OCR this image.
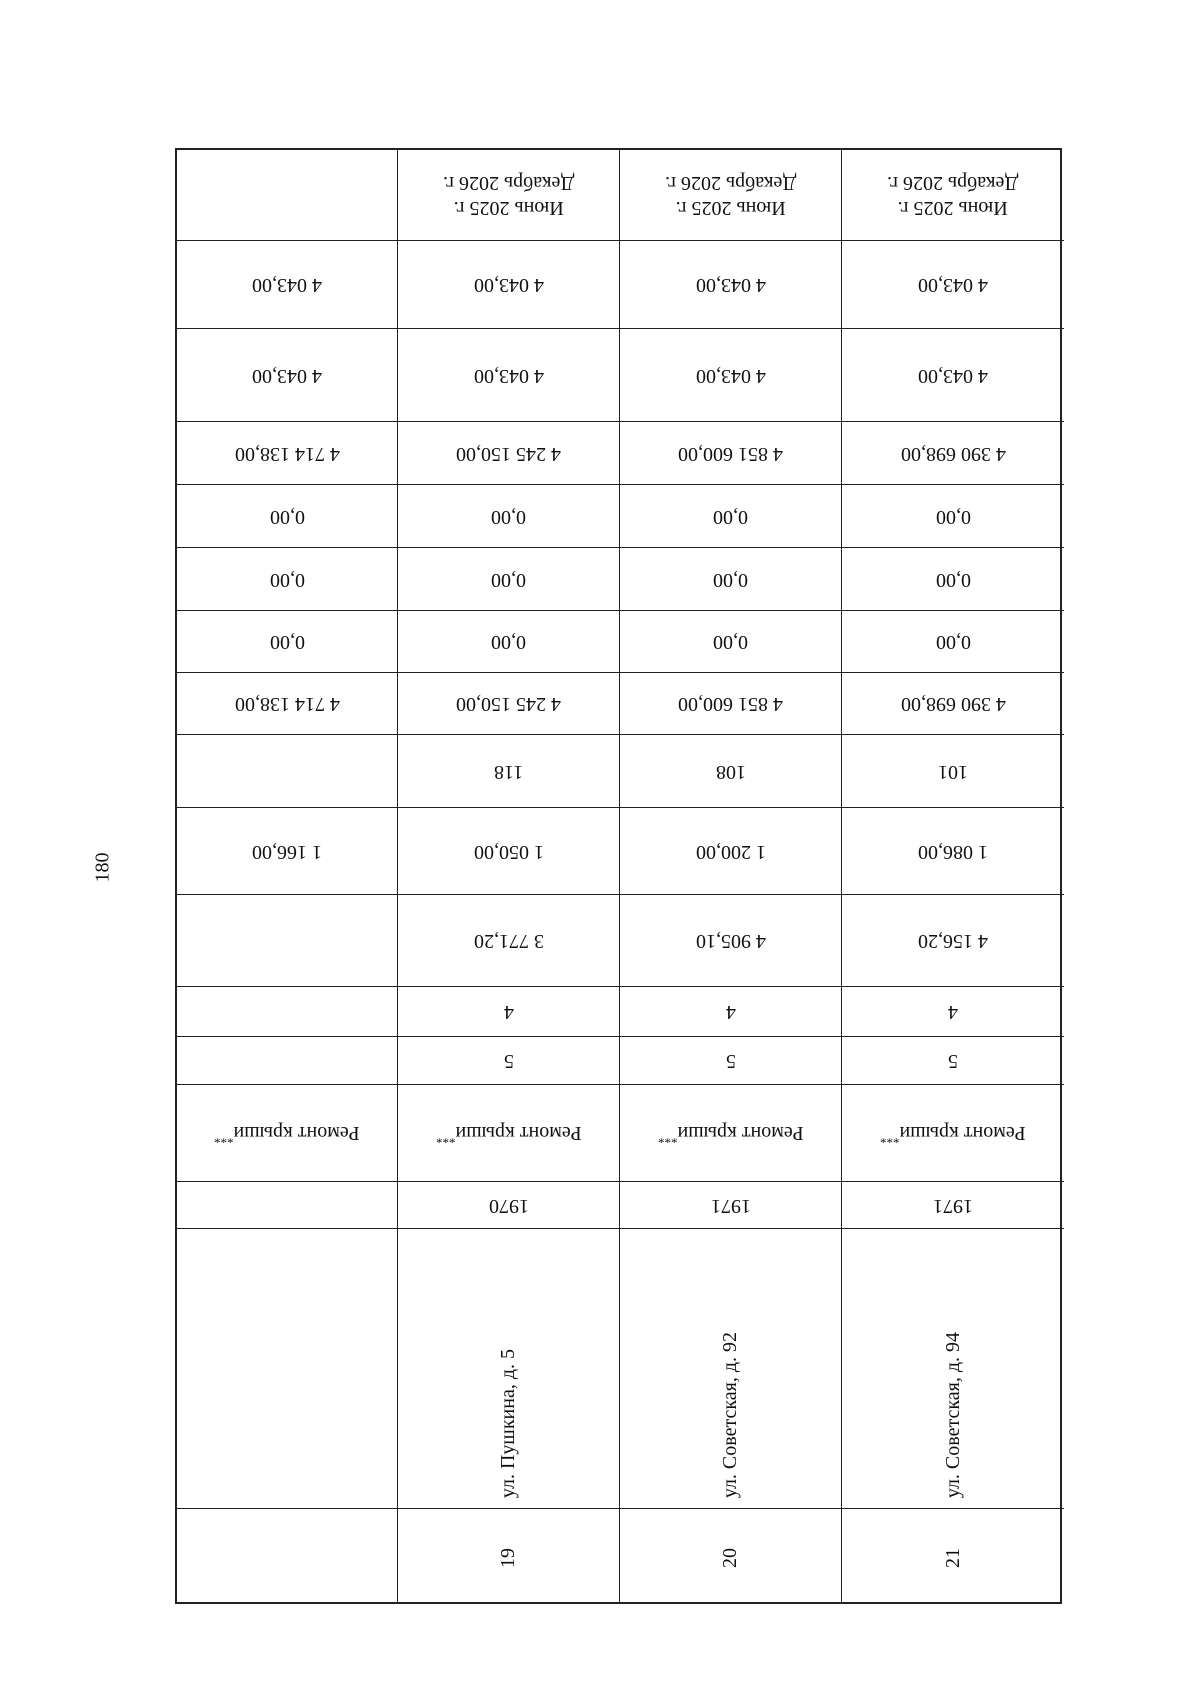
180
4 043,00
4 043,00
4 714 138,00
0,00
0,00
0,00
4 714 138,00
1 166,00
Ремонт крыши***
Июнь 2025 г.
Декабрь 2026 г.
4 043,00
4 043,00
4 245 150,00
0,00
0,00
0,00
4 245 150,00
118
1 050,00
3 771,20
4
5
Ремонт крыши***
1970
ул. Пушкина, д. 5
19
Июнь 2025 г.
Декабрь 2026 г.
4 043,00
4 043,00
4 851 600,00
0,00
0,00
0,00
4 851 600,00
108
1 200,00
4 905,10
4
5
Ремонт крыши***
1971
ул. Советская, д. 92
20
Июнь 2025 г.
Декабрь 2026 г.
4 043,00
4 043,00
4 390 698,00
0,00
0,00
0,00
4 390 698,00
101
1 086,00
4 156,20
4
5
Ремонт крыши***
1971
ул. Советская, д. 94
21
